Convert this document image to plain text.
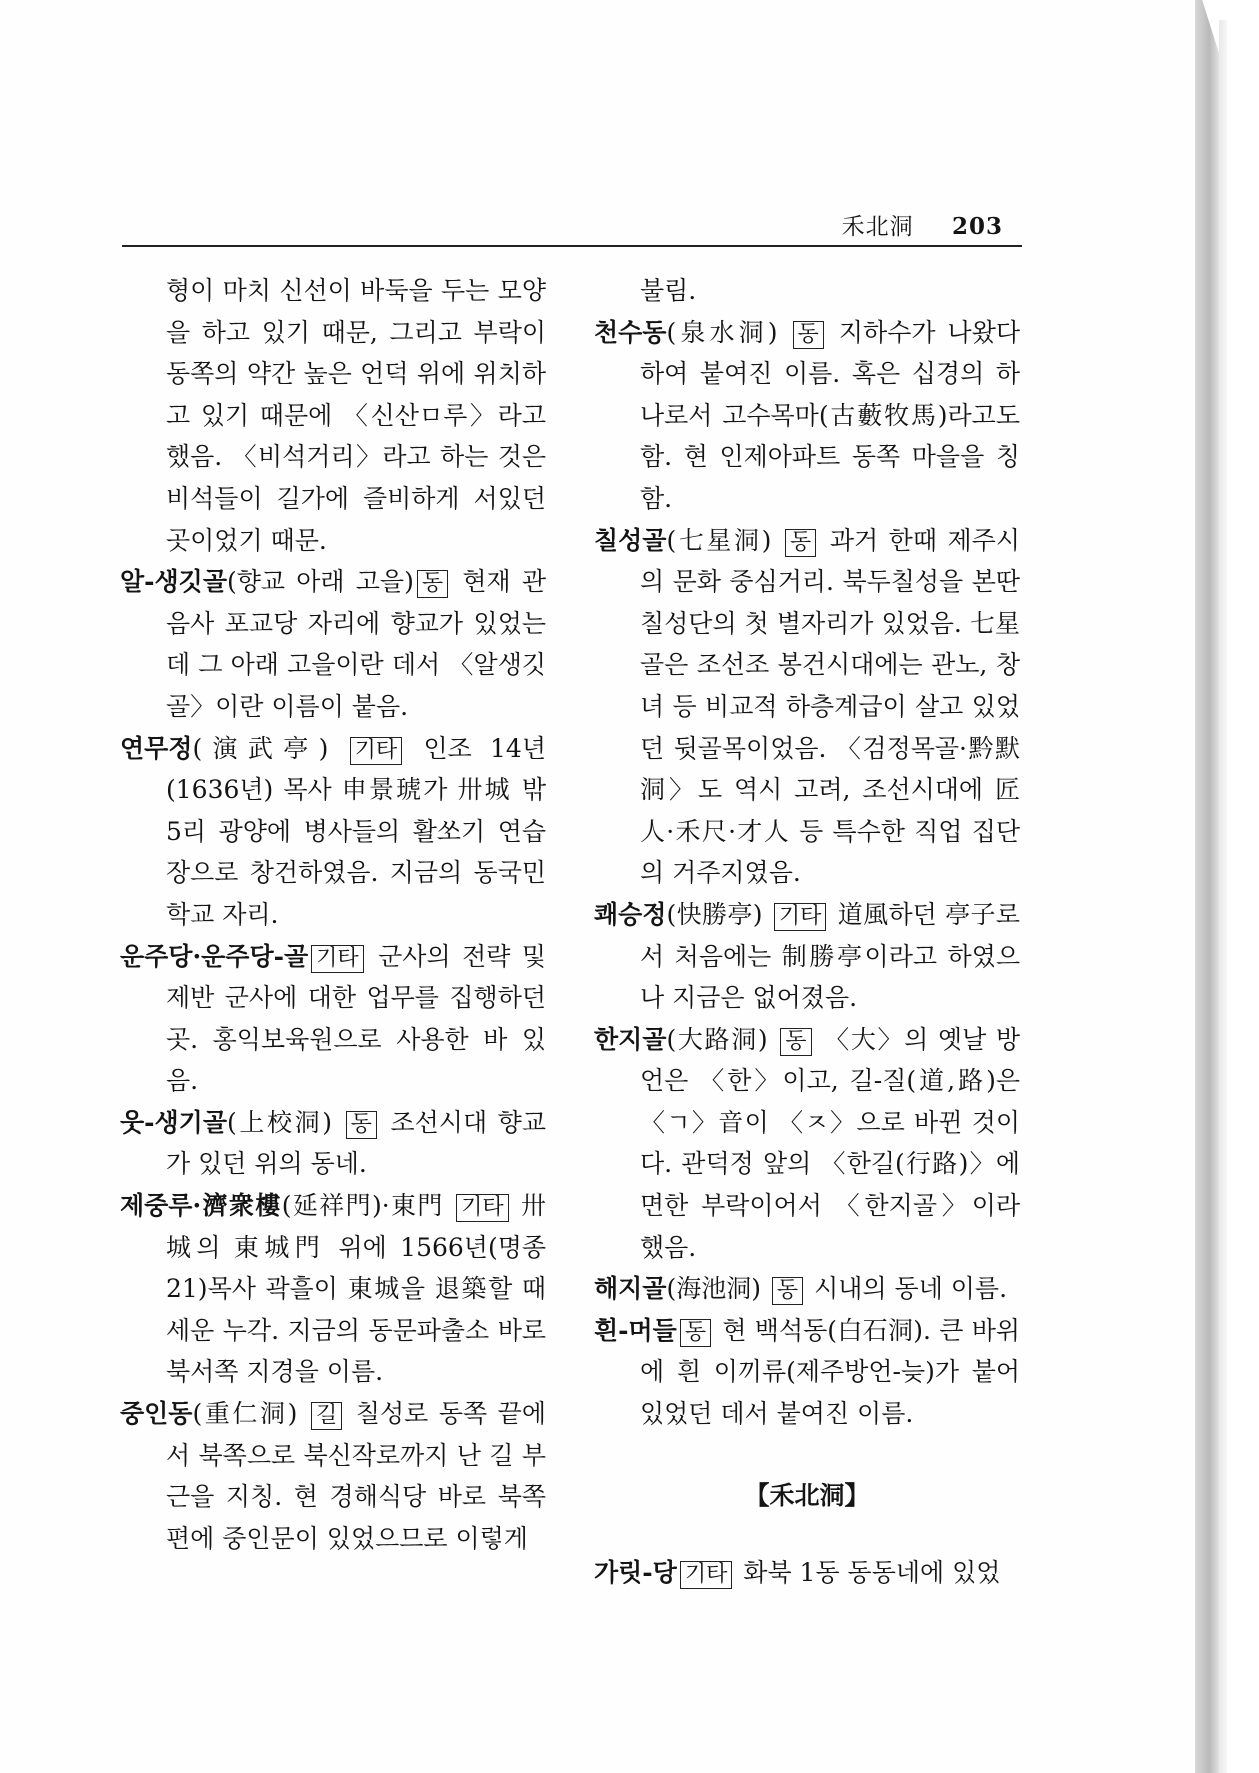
禾北洞 203

형이 마치 신선이 바둑을 두는 모양을 하고 있기 때문, 그리고 부락이 동쪽의 약간 높은 언덕 위에 위치하고 있기 때문에 〈신산ㅁ루〉라고 했음. 〈비석거리〉라고 하는 것은 비석들이 길가에 즐비하게 서있던 곳이었기 때문.

알-생깃골(향교 아래 고을) 동 현재 관음사 포교당 자리에 향교가 있었는데 그 아래 고을이란 데서 〈알생깃골〉이란 이름이 붙음.

연무정(演武亭) 기타 인조 14년(1636년) 목사 申景琥가 卅城 밖 5리 광양에 병사들의 활쏘기 연습장으로 창건하였음. 지금의 동국민학교 자리.

운주당·운주당-골 기타 군사의 전략 및 제반 군사에 대한 업무를 집행하던 곳. 홍익보육원으로 사용한 바 있음.

웃-생기골(上校洞) 동 조선시대 향교가 있던 위의 동네.

제중루·濟衆樓(延祥門)·東門 기타 卅城의 東城門 위에 1566년(명종 21)목사 곽흘이 東城을 退築할 때 세운 누각. 지금의 동문파출소 바로 북서쪽 지경을 이름.

중인동(重仁洞) 길 칠성로 동쪽 끝에서 북쪽으로 북신작로까지 난 길 부근을 지칭. 현 경해식당 바로 북쪽편에 중인문이 있었으므로 이렇게

불림.

천수동(泉水洞) 동 지하수가 나왔다 하여 붙여진 이름. 혹은 십경의 하나로서 고수목마(古藪牧馬)라고도 함. 현 인제아파트 동쪽 마을을 칭함.

칠성골(七星洞) 동 과거 한때 제주시의 문화 중심거리. 북두칠성을 본딴 칠성단의 첫 별자리가 있었음. 七星골은 조선조 봉건시대에는 관노, 창녀 등 비교적 하층계급이 살고 있었던 뒷골목이었음. 〈검정목골·黔默洞〉도 역시 고려, 조선시대에 匠人·禾尺·才人 등 특수한 직업 집단의 거주지였음.

쾌승정(快勝亭) 기타 道風하던 亭子로서 처음에는 制勝亭이라고 하였으나 지금은 없어졌음.

한지골(大路洞) 동 〈大〉의 옛날 방언은 〈한〉이고, 길-질(道,路)은 〈ㄱ〉音이 〈ㅈ〉으로 바뀐 것이다. 관덕정 앞의 〈한길(行路)〉에 면한 부락이어서 〈한지골〉이라 했음.

해지골(海池洞) 동 시내의 동네 이름.

흰-머들 동 현 백석동(白石洞). 큰 바위에 흰 이끼류(제주방언-늦)가 붙어 있었던 데서 붙여진 이름.

【禾北洞】

가릿-당 기타 화북 1동 동동네에 있었
